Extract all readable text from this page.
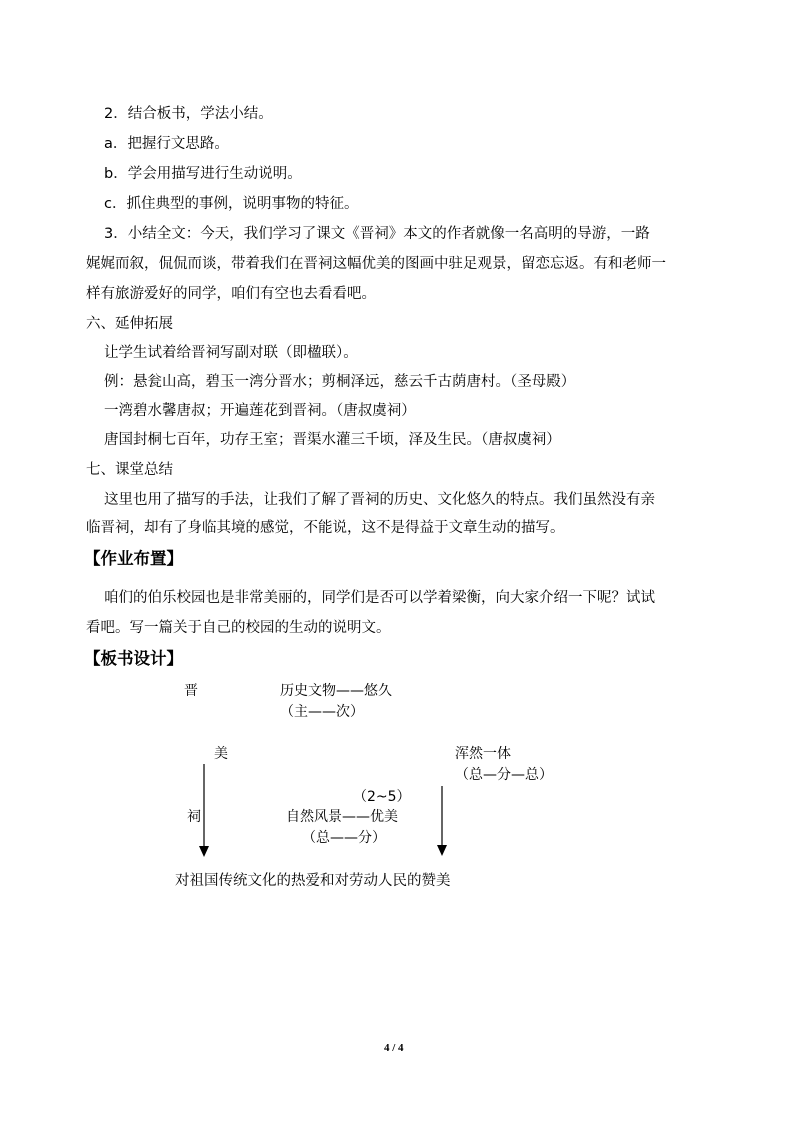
2．结合板书，学法小结。
a．把握行文思路。
b．学会用描写进行生动说明。
c．抓住典型的事例，说明事物的特征。
3．小结全文：今天，我们学习了课文《晋祠》本文的作者就像一名高明的导游，一路
娓娓而叙，侃侃而谈，带着我们在晋祠这幅优美的图画中驻足观景，留恋忘返。有和老师一
样有旅游爱好的同学，咱们有空也去看看吧。
六、延伸拓展
让学生试着给晋祠写副对联（即楹联）。
例：悬瓮山高，碧玉一湾分晋水；剪桐泽远，慈云千古荫唐村。（圣母殿）
一湾碧水馨唐叔；开遍莲花到晋祠。（唐叔虞祠）
唐国封桐七百年，功存王室；晋渠水灌三千顷，泽及生民。（唐叔虞祠）
七、课堂总结
这里也用了描写的手法，让我们了解了晋祠的历史、文化悠久的特点。我们虽然没有亲
临晋祠，却有了身临其境的感觉，不能说，这不是得益于文章生动的描写。
【作业布置】
咱们的伯乐校园也是非常美丽的，同学们是否可以学着梁衡，向大家介绍一下呢？试试
看吧。写一篇关于自己的校园的生动的说明文。
【板书设计】
晋	历史文物——悠久
（主——次）
美	浑然一体
（总—分—总）
（2~5）
祠	自然风景——优美
（总——分）
对祖国传统文化的热爱和对劳动人民的赞美
4 / 4
